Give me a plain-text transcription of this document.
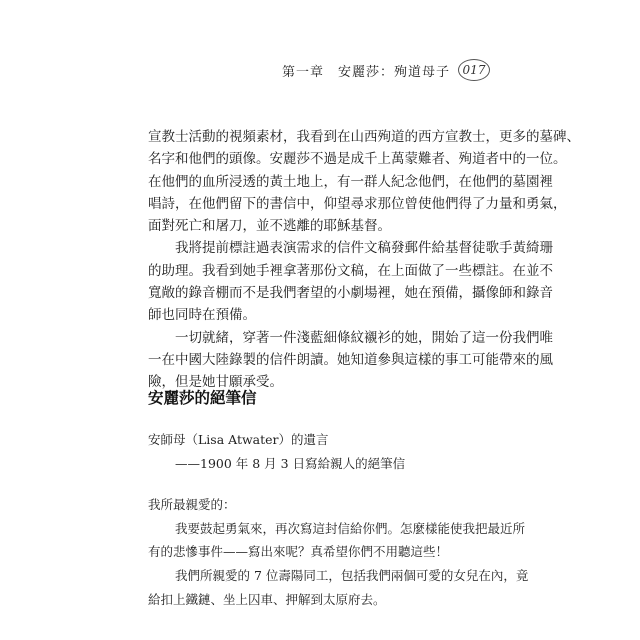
第一章　安麗莎：殉道母子	017

宣教士活動的視頻素材，我看到在山西殉道的西方宣教士，更多的墓碑、
名字和他們的頭像。安麗莎不過是成千上萬蒙難者、殉道者中的一位。
在他們的血所浸透的黃土地上，有一群人紀念他們，在他們的墓園裡
唱詩，在他們留下的書信中，仰望尋求那位曾使他們得了力量和勇氣，
面對死亡和屠刀，並不逃離的耶穌基督。

我將提前標註過表演需求的信件文稿發郵件給基督徒歌手黃綺珊
的助理。我看到她手裡拿著那份文稿，在上面做了一些標註。在並不
寬敞的錄音棚而不是我們奢望的小劇場裡，她在預備，攝像師和錄音
師也同時在預備。

一切就緒，穿著一件淺藍細條紋襯衫的她，開始了這一份我們唯
一在中國大陸錄製的信件朗讀。她知道參與這樣的事工可能帶來的風
險，但是她甘願承受。

安麗莎的絕筆信
安師母（Lisa Atwater）的遺言
——1900 年 8 月 3 日寫給親人的絕筆信
我所最親愛的：
我要鼓起勇氣來，再次寫這封信給你們。怎麼樣能使我把最近所
有的悲慘事件——寫出來呢？真希望你們不用聽這些！
我們所親愛的 7 位壽陽同工，包括我們兩個可愛的女兒在內，竟
給扣上鐵鏈、坐上囚車、押解到太原府去。
